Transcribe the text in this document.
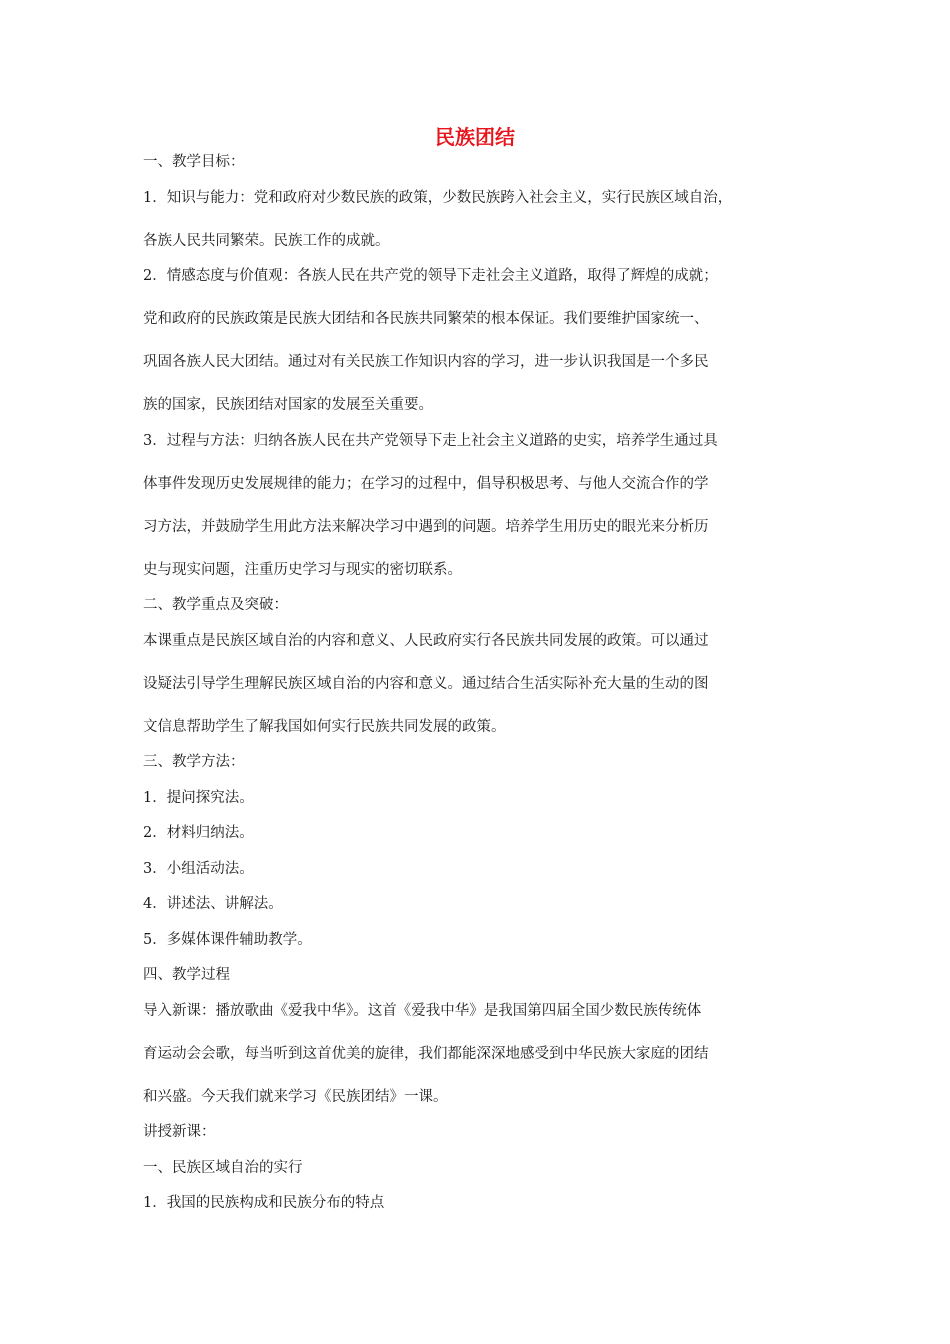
民族团结
一、教学目标：
1．知识与能力：党和政府对少数民族的政策，少数民族跨入社会主义，实行民族区域自治，
各族人民共同繁荣。民族工作的成就。
2．情感态度与价值观：各族人民在共产党的领导下走社会主义道路，取得了辉煌的成就；
党和政府的民族政策是民族大团结和各民族共同繁荣的根本保证。我们要维护国家统一、
巩固各族人民大团结。通过对有关民族工作知识内容的学习，进一步认识我国是一个多民
族的国家，民族团结对国家的发展至关重要。
3．过程与方法：归纳各族人民在共产党领导下走上社会主义道路的史实，培养学生通过具
体事件发现历史发展规律的能力；在学习的过程中，倡导积极思考、与他人交流合作的学
习方法，并鼓励学生用此方法来解决学习中遇到的问题。培养学生用历史的眼光来分析历
史与现实问题，注重历史学习与现实的密切联系。
二、教学重点及突破：
本课重点是民族区域自治的内容和意义、人民政府实行各民族共同发展的政策。可以通过
设疑法引导学生理解民族区域自治的内容和意义。通过结合生活实际补充大量的生动的图
文信息帮助学生了解我国如何实行民族共同发展的政策。
三、教学方法：
1．提问探究法。
2．材料归纳法。
3．小组活动法。
4．讲述法、讲解法。
5．多媒体课件辅助教学。
四、教学过程
导入新课：播放歌曲《爱我中华》。这首《爱我中华》是我国第四届全国少数民族传统体
育运动会会歌，每当听到这首优美的旋律，我们都能深深地感受到中华民族大家庭的团结
和兴盛。今天我们就来学习《民族团结》一课。
讲授新课：
一、民族区域自治的实行
1．我国的民族构成和民族分布的特点
